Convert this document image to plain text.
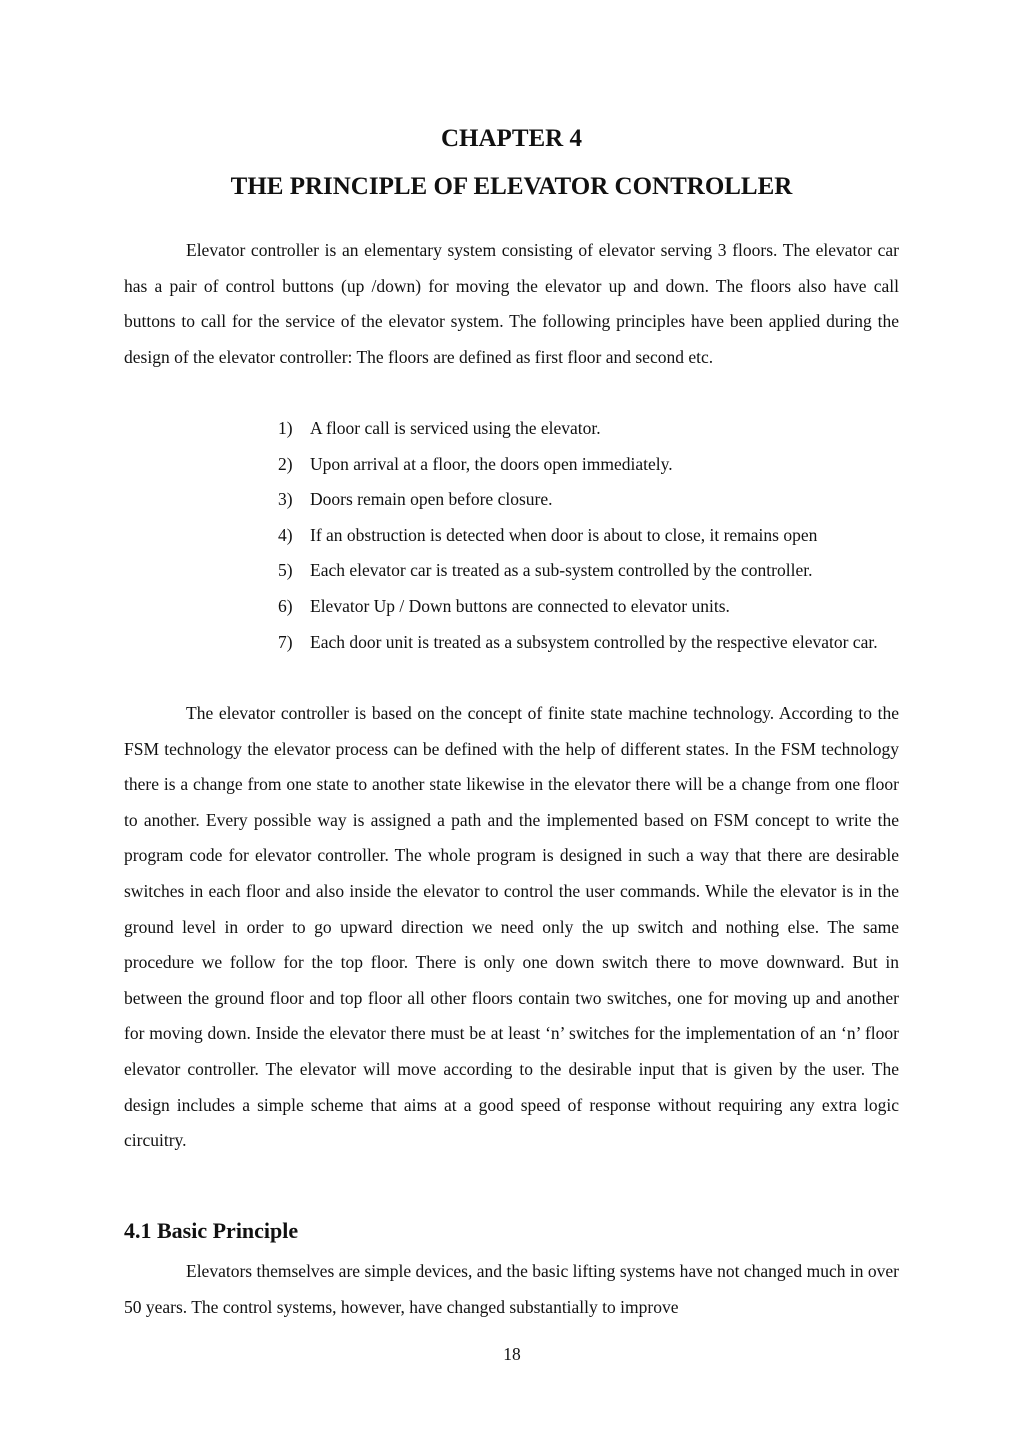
CHAPTER 4
THE PRINCIPLE OF ELEVATOR CONTROLLER

Elevator controller is an elementary system consisting of elevator serving 3 floors. The elevator car has a pair of control buttons (up /down) for moving the elevator up and down. The floors also have call buttons to call for the service of the elevator system. The following principles have been applied during the design of the elevator controller: The floors are defined as first floor and second etc.

1) A floor call is serviced using the elevator.
2) Upon arrival at a floor, the doors open immediately.
3) Doors remain open before closure.
4) If an obstruction is detected when door is about to close, it remains open
5) Each elevator car is treated as a sub-system controlled by the controller.
6) Elevator Up / Down buttons are connected to elevator units.
7) Each door unit is treated as a subsystem controlled by the respective elevator car.

The elevator controller is based on the concept of finite state machine technology. According to the FSM technology the elevator process can be defined with the help of different states. In the FSM technology there is a change from one state to another state likewise in the elevator there will be a change from one floor to another. Every possible way is assigned a path and the implemented based on FSM concept to write the program code for elevator controller. The whole program is designed in such a way that there are desirable switches in each floor and also inside the elevator to control the user commands. While the elevator is in the ground level in order to go upward direction we need only the up switch and nothing else. The same procedure we follow for the top floor. There is only one down switch there to move downward. But in between the ground floor and top floor all other floors contain two switches, one for moving up and another for moving down. Inside the elevator there must be at least ‘n’ switches for the implementation of an ‘n’ floor elevator controller. The elevator will move according to the desirable input that is given by the user. The design includes a simple scheme that aims at a good speed of response without requiring any extra logic circuitry.

4.1 Basic Principle

Elevators themselves are simple devices, and the basic lifting systems have not changed much in over 50 years. The control systems, however, have changed substantially to improve

18
